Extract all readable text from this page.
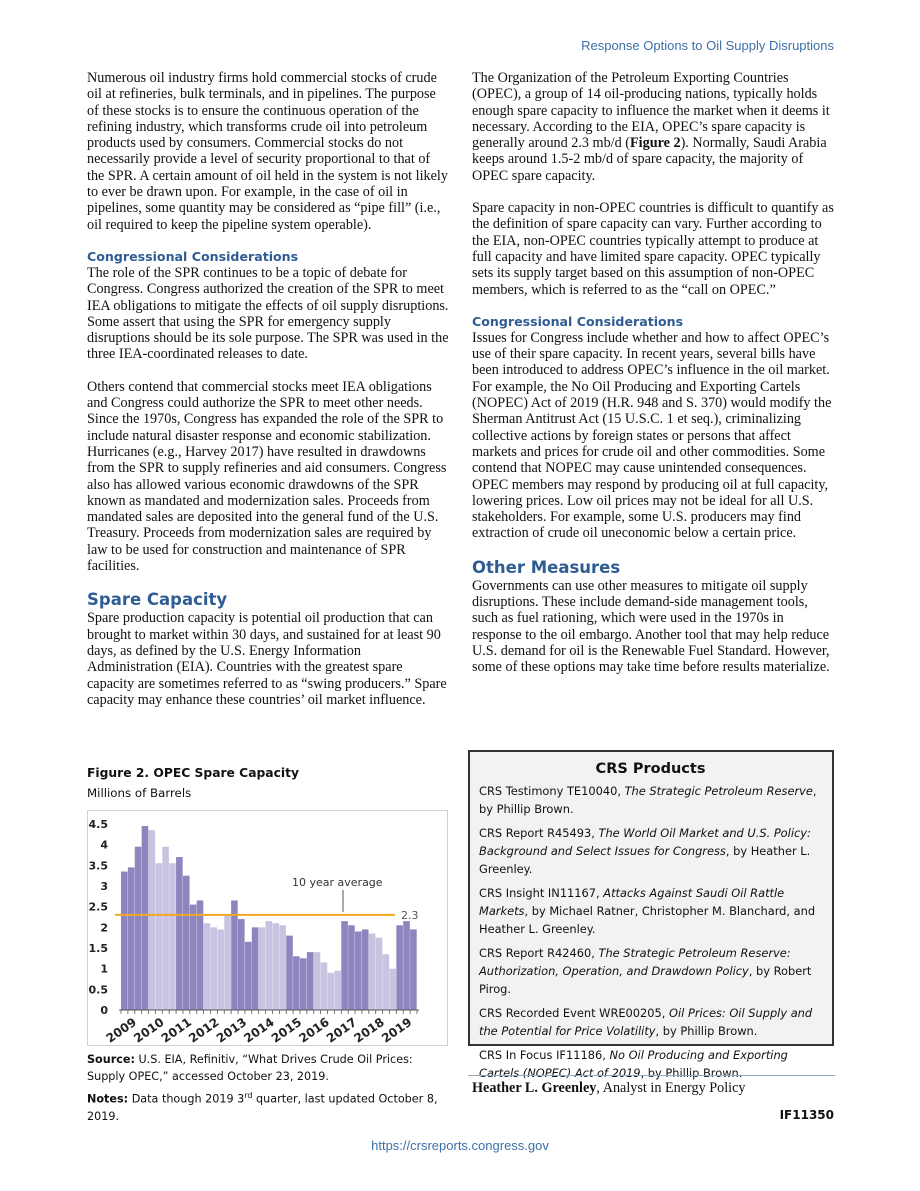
Response Options to Oil Supply Disruptions

Numerous oil industry firms hold commercial stocks of crude oil at refineries, bulk terminals, and in pipelines. The purpose of these stocks is to ensure the continuous operation of the refining industry, which transforms crude oil into petroleum products used by consumers. Commercial stocks do not necessarily provide a level of security proportional to that of the SPR. A certain amount of oil held in the system is not likely to ever be drawn upon. For example, in the case of oil in pipelines, some quantity may be considered as “pipe fill” (i.e., oil required to keep the pipeline system operable).

Congressional Considerations

The role of the SPR continues to be a topic of debate for Congress. Congress authorized the creation of the SPR to meet IEA obligations to mitigate the effects of oil supply disruptions. Some assert that using the SPR for emergency supply disruptions should be its sole purpose. The SPR was used in the three IEA-coordinated releases to date.

Others contend that commercial stocks meet IEA obligations and Congress could authorize the SPR to meet other needs. Since the 1970s, Congress has expanded the role of the SPR to include natural disaster response and economic stabilization. Hurricanes (e.g., Harvey 2017) have resulted in drawdowns from the SPR to supply refineries and aid consumers. Congress also has allowed various economic drawdowns of the SPR known as mandated and modernization sales. Proceeds from mandated sales are deposited into the general fund of the U.S. Treasury. Proceeds from modernization sales are required by law to be used for construction and maintenance of SPR facilities.

Spare Capacity

Spare production capacity is potential oil production that can brought to market within 30 days, and sustained for at least 90 days, as defined by the U.S. Energy Information Administration (EIA). Countries with the greatest spare capacity are sometimes referred to as “swing producers.” Spare capacity may enhance these countries’ oil market influence.

Figure 2. OPEC Spare Capacity
Millions of Barrels
0
0.5
1
1.5
2
2.5
3
3.5
4
4.5
2.3
10 year average
2009
2010
2011
2012
2013
2014
2015
2016
2017
2018
2019

Source: U.S. EIA, Refinitiv, “What Drives Crude Oil Prices: Supply OPEC,” accessed October 23, 2019.

Notes: Data though 2019 3rd quarter, last updated October 8, 2019.

The Organization of the Petroleum Exporting Countries (OPEC), a group of 14 oil-producing nations, typically holds enough spare capacity to influence the market when it deems it necessary. According to the EIA, OPEC’s spare capacity is generally around 2.3 mb/d (Figure 2). Normally, Saudi Arabia keeps around 1.5-2 mb/d of spare capacity, the majority of OPEC spare capacity.

Spare capacity in non-OPEC countries is difficult to quantify as the definition of spare capacity can vary. Further according to the EIA, non-OPEC countries typically attempt to produce at full capacity and have limited spare capacity. OPEC typically sets its supply target based on this assumption of non-OPEC members, which is referred to as the “call on OPEC.”

Congressional Considerations

Issues for Congress include whether and how to affect OPEC’s use of their spare capacity. In recent years, several bills have been introduced to address OPEC’s influence in the oil market. For example, the No Oil Producing and Exporting Cartels (NOPEC) Act of 2019 (H.R. 948 and S. 370) would modify the Sherman Antitrust Act (15 U.S.C. 1 et seq.), criminalizing collective actions by foreign states or persons that affect markets and prices for crude oil and other commodities. Some contend that NOPEC may cause unintended consequences. OPEC members may respond by producing oil at full capacity, lowering prices. Low oil prices may not be ideal for all U.S. stakeholders. For example, some U.S. producers may find extraction of crude oil uneconomic below a certain price.

Other Measures

Governments can use other measures to mitigate oil supply disruptions. These include demand-side management tools, such as fuel rationing, which were used in the 1970s in response to the oil embargo. Another tool that may help reduce U.S. demand for oil is the Renewable Fuel Standard. However, some of these options may take time before results materialize.

CRS Products
CRS Testimony TE10040, The Strategic Petroleum Reserve, by Phillip Brown.
CRS Report R45493, The World Oil Market and U.S. Policy: Background and Select Issues for Congress, by Heather L. Greenley.
CRS Insight IN11167, Attacks Against Saudi Oil Rattle Markets, by Michael Ratner, Christopher M. Blanchard, and Heather L. Greenley.
CRS Report R42460, The Strategic Petroleum Reserve: Authorization, Operation, and Drawdown Policy, by Robert Pirog.
CRS Recorded Event WRE00205, Oil Prices: Oil Supply and the Potential for Price Volatility, by Phillip Brown.
CRS In Focus IF11186, No Oil Producing and Exporting Cartels (NOPEC) Act of 2019, by Phillip Brown.
Heather L. Greenley, Analyst in Energy Policy
IF11350
https://crsreports.congress.gov
